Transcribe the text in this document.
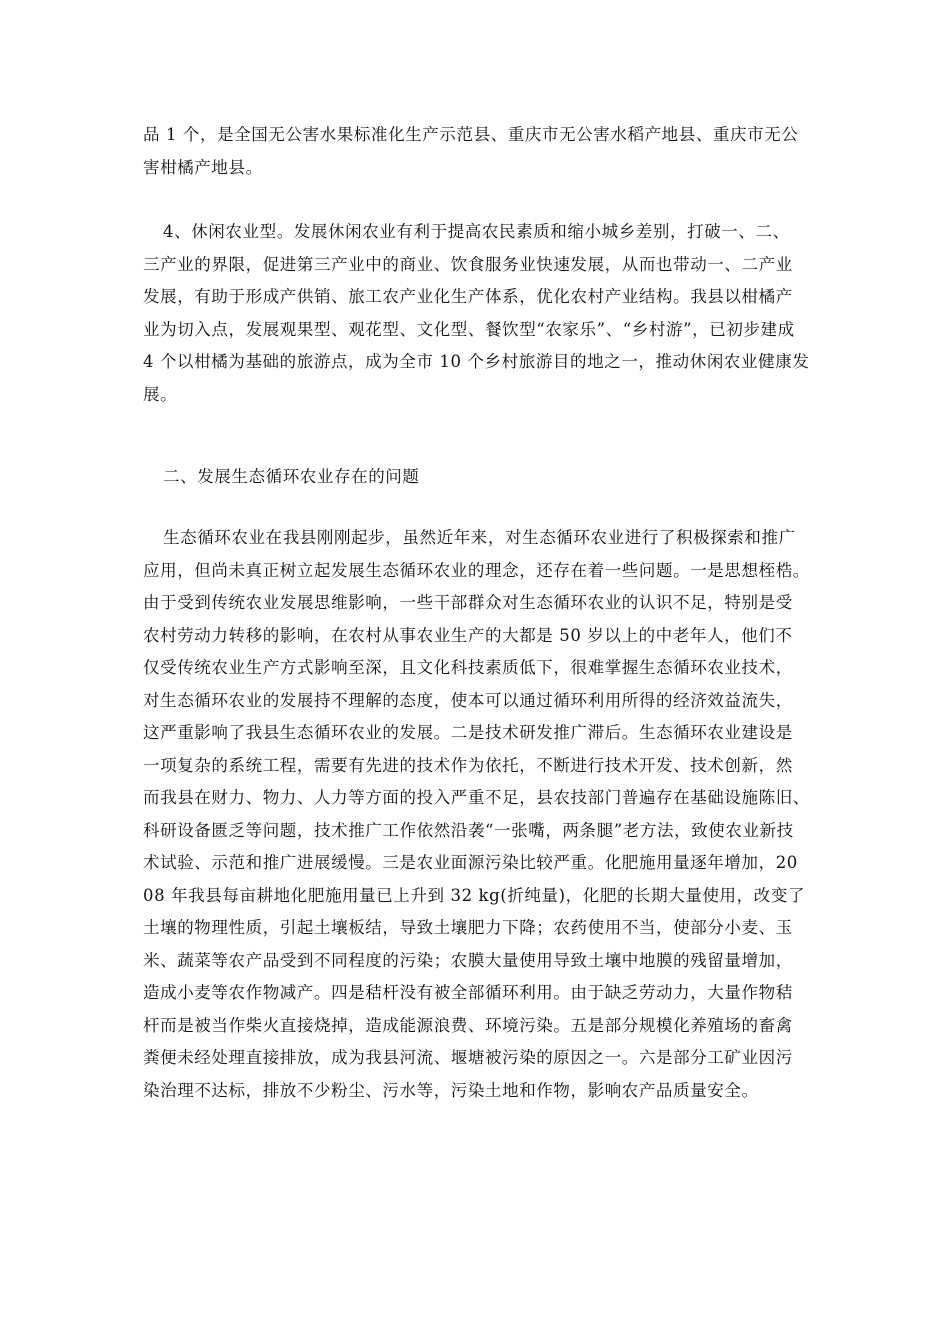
品 1 个，是全国无公害水果标准化生产示范县、重庆市无公害水稻产地县、重庆市无公
害柑橘产地县。
4、休闲农业型。发展休闲农业有利于提高农民素质和缩小城乡差别，打破一、二、
三产业的界限，促进第三产业中的商业、饮食服务业快速发展，从而也带动一、二产业
发展，有助于形成产供销、旅工农产业化生产体系，优化农村产业结构。我县以柑橘产
业为切入点，发展观果型、观花型、文化型、餐饮型“农家乐”、“乡村游”，已初步建成
4 个以柑橘为基础的旅游点，成为全市 10 个乡村旅游目的地之一，推动休闲农业健康发
展。
二、发展生态循环农业存在的问题
生态循环农业在我县刚刚起步，虽然近年来，对生态循环农业进行了积极探索和推广
应用，但尚未真正树立起发展生态循环农业的理念，还存在着一些问题。一是思想桎梏。
由于受到传统农业发展思维影响，一些干部群众对生态循环农业的认识不足，特别是受
农村劳动力转移的影响，在农村从事农业生产的大都是 50 岁以上的中老年人，他们不
仅受传统农业生产方式影响至深，且文化科技素质低下，很难掌握生态循环农业技术，
对生态循环农业的发展持不理解的态度，使本可以通过循环利用所得的经济效益流失，
这严重影响了我县生态循环农业的发展。二是技术研发推广滞后。生态循环农业建设是
一项复杂的系统工程，需要有先进的技术作为依托，不断进行技术开发、技术创新，然
而我县在财力、物力、人力等方面的投入严重不足，县农技部门普遍存在基础设施陈旧、
科研设备匮乏等问题，技术推广工作依然沿袭“一张嘴，两条腿”老方法，致使农业新技
术试验、示范和推广进展缓慢。三是农业面源污染比较严重。化肥施用量逐年增加，20
08 年我县每亩耕地化肥施用量已上升到 32 kg(折纯量)，化肥的长期大量使用，改变了
土壤的物理性质，引起土壤板结，导致土壤肥力下降；农药使用不当，使部分小麦、玉
米、蔬菜等农产品受到不同程度的污染；农膜大量使用导致土壤中地膜的残留量增加，
造成小麦等农作物减产。四是秸杆没有被全部循环利用。由于缺乏劳动力，大量作物秸
杆而是被当作柴火直接烧掉，造成能源浪费、环境污染。五是部分规模化养殖场的畜禽
粪便未经处理直接排放，成为我县河流、堰塘被污染的原因之一。六是部分工矿业因污
染治理不达标，排放不少粉尘、污水等，污染土地和作物，影响农产品质量安全。
